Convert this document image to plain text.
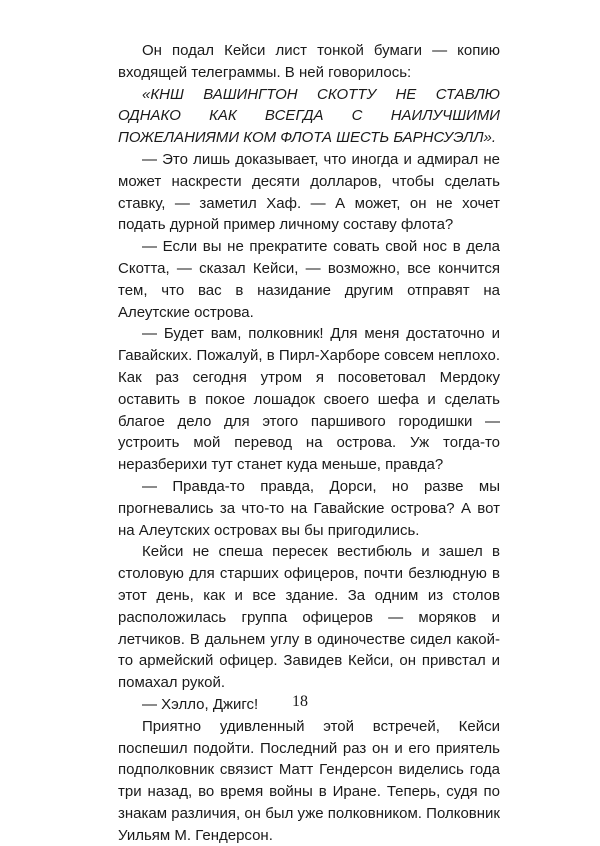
Он подал Кейси лист тонкой бумаги — копию входящей телеграммы. В ней говорилось:

«КНШ ВАШИНГТОН СКОТТУ НЕ СТАВЛЮ ОДНАКО КАК ВСЕГДА С НАИЛУЧШИМИ ПОЖЕЛАНИЯМИ КОМ ФЛОТА ШЕСТЬ БАРНСУЭЛЛ».

— Это лишь доказывает, что иногда и адмирал не может наскрести десяти долларов, чтобы сделать ставку, — заметил Хаф. — А может, он не хочет подать дурной пример личному составу флота?

— Если вы не прекратите совать свой нос в дела Скотта, — сказал Кейси, — возможно, все кончится тем, что вас в назидание другим отправят на Алеутские острова.

— Будет вам, полковник! Для меня достаточно и Гавайских. Пожалуй, в Пирл-Харборе совсем неплохо. Как раз сегодня утром я посоветовал Мердоку оставить в покое лошадок своего шефа и сделать благое дело для этого паршивого городишки — устроить мой перевод на острова. Уж тогда-то неразберихи тут станет куда меньше, правда?

— Правда-то правда, Дорси, но разве мы прогневались за что-то на Гавайские острова? А вот на Алеутских островах вы бы пригодились.

Кейси не спеша пересек вестибюль и зашел в столовую для старших офицеров, почти безлюдную в этот день, как и все здание. За одним из столов расположилась группа офицеров — моряков и летчиков. В дальнем углу в одиночестве сидел какой-то армейский офицер. Завидев Кейси, он привстал и помахал рукой.

— Хэлло, Джигс!

Приятно удивленный этой встречей, Кейси поспешил подойти. Последний раз он и его приятель подполковник связист Матт Гендерсон виделись года три назад, во время войны в Иране. Теперь, судя по знакам различия, он был уже полковником. Полковник Уильям М. Гендерсон.

18
